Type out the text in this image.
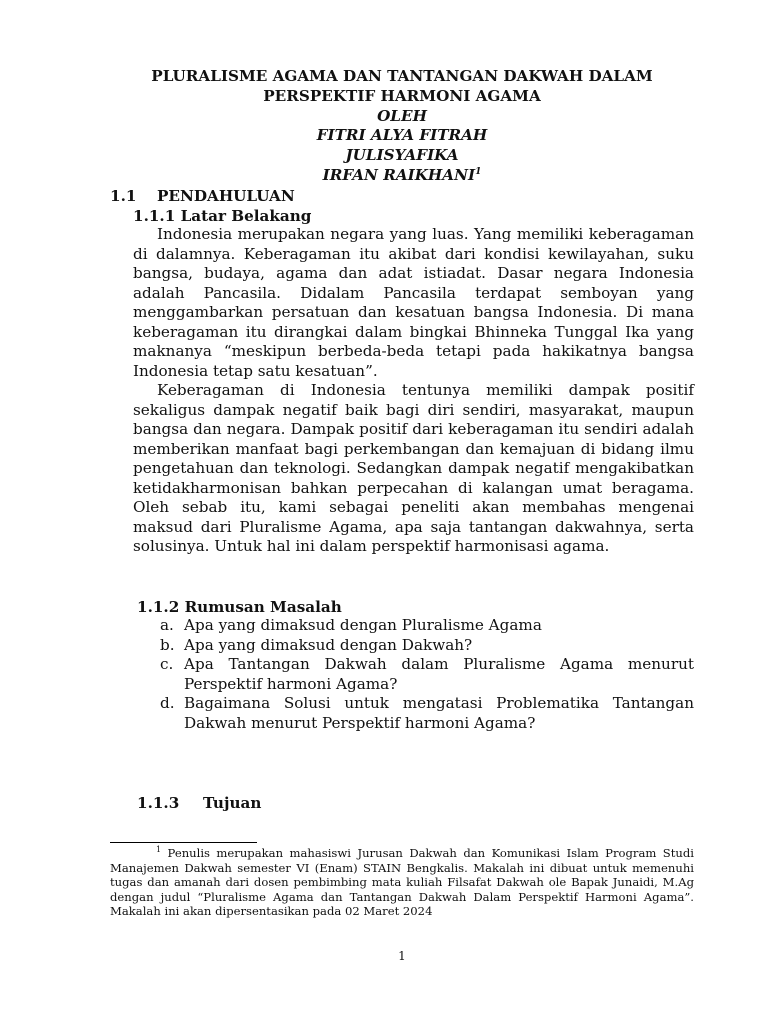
PLURALISME AGAMA DAN TANTANGAN DAKWAH DALAM
PERSPEKTIF HARMONI AGAMA
OLEH
FITRI ALYA FITRAH
JULISYAFIKA
IRFAN RAIKHANI$^1$
1.1 PENDAHULUAN
1.1.1 Latar Belakang

Indonesia merupakan negara yang luas. Yang memiliki keberagaman di dalamnya. Keberagaman itu akibat dari kondisi kewilayahan, suku bangsa, budaya, agama dan adat istiadat. Dasar negara Indonesia adalah Pancasila. Didalam Pancasila terdapat semboyan yang menggambarkan persatuan dan kesatuan bangsa Indonesia. Di mana keberagaman itu dirangkai dalam bingkai Bhinneka Tunggal Ika yang maknanya “meskipun berbeda-beda tetapi pada hakikatnya bangsa Indonesia tetap satu kesatuan”.

Keberagaman di Indonesia tentunya memiliki dampak positif sekaligus dampak negatif baik bagi diri sendiri, masyarakat, maupun bangsa dan negara. Dampak positif dari keberagaman itu sendiri adalah memberikan manfaat bagi perkembangan dan kemajuan di bidang ilmu pengetahuan dan teknologi. Sedangkan dampak negatif mengakibatkan ketidakharmonisan bahkan perpecahan di kalangan umat beragama. Oleh sebab itu, kami sebagai peneliti akan membahas mengenai maksud dari Pluralisme Agama, apa saja tantangan dakwahnya, serta solusinya. Untuk hal ini dalam perspektif harmonisasi agama.

1.1.2 Rumusan Masalah
a. Apa yang dimaksud dengan Pluralisme Agama
b. Apa yang dimaksud dengan Dakwah?
c. Apa Tantangan Dakwah dalam Pluralisme Agama menurut Perspektif harmoni Agama?
d. Bagaimana Solusi untuk mengatasi Problematika Tantangan Dakwah menurut Perspektif harmoni Agama?
1.1.3 Tujuan

$^1$ Penulis merupakan mahasiswi Jurusan Dakwah dan Komunikasi Islam Program Studi Manajemen Dakwah semester VI (Enam) STAIN Bengkalis. Makalah ini dibuat untuk memenuhi tugas dan amanah dari dosen pembimbing mata kuliah Filsafat Dakwah ole Bapak Junaidi, M.Ag dengan judul “Pluralisme Agama dan Tantangan Dakwah Dalam Perspektif Harmoni Agama”. Makalah ini akan dipersentasikan pada 02 Maret 2024

1
